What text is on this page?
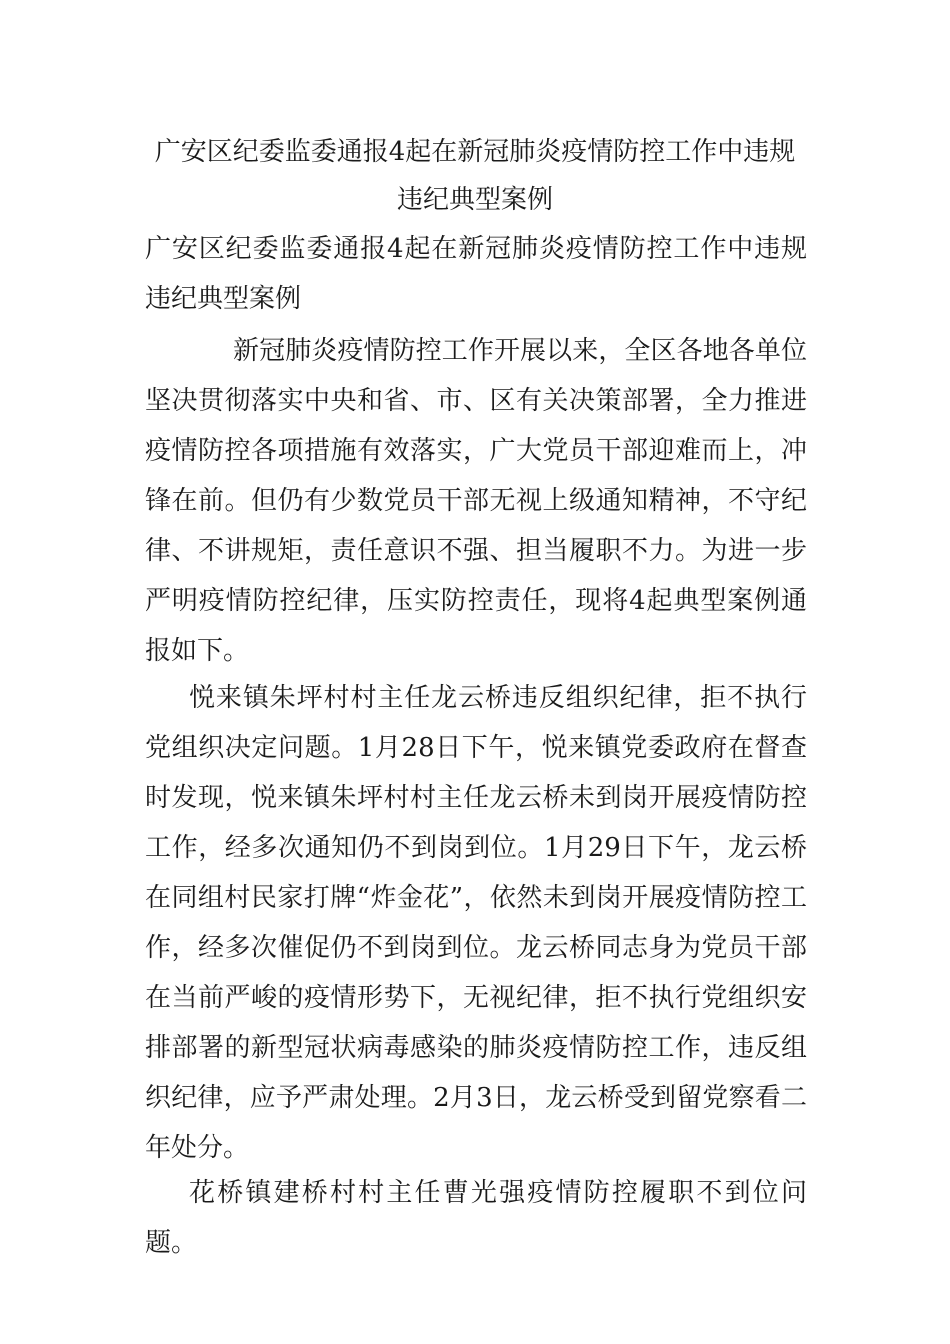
广安区纪委监委通报4起在新冠肺炎疫情防控工作中违规
违纪典型案例

广安区纪委监委通报4起在新冠肺炎疫情防控工作中违规违纪典型案例

新冠肺炎疫情防控工作开展以来，全区各地各单位坚决贯彻落实中央和省、市、区有关决策部署，全力推进疫情防控各项措施有效落实，广大党员干部迎难而上，冲锋在前。但仍有少数党员干部无视上级通知精神，不守纪律、不讲规矩，责任意识不强、担当履职不力。为进一步严明疫情防控纪律，压实防控责任，现将4起典型案例通报如下。

悦来镇朱坪村村主任龙云桥违反组织纪律，拒不执行党组织决定问题。1月28日下午，悦来镇党委政府在督查时发现，悦来镇朱坪村村主任龙云桥未到岗开展疫情防控工作，经多次通知仍不到岗到位。1月29日下午，龙云桥在同组村民家打牌“炸金花”，依然未到岗开展疫情防控工作，经多次催促仍不到岗到位。龙云桥同志身为党员干部在当前严峻的疫情形势下，无视纪律，拒不执行党组织安排部署的新型冠状病毒感染的肺炎疫情防控工作，违反组织纪律，应予严肃处理。2月3日，龙云桥受到留党察看二年处分。

花桥镇建桥村村主任曹光强疫情防控履职不到位问题。
